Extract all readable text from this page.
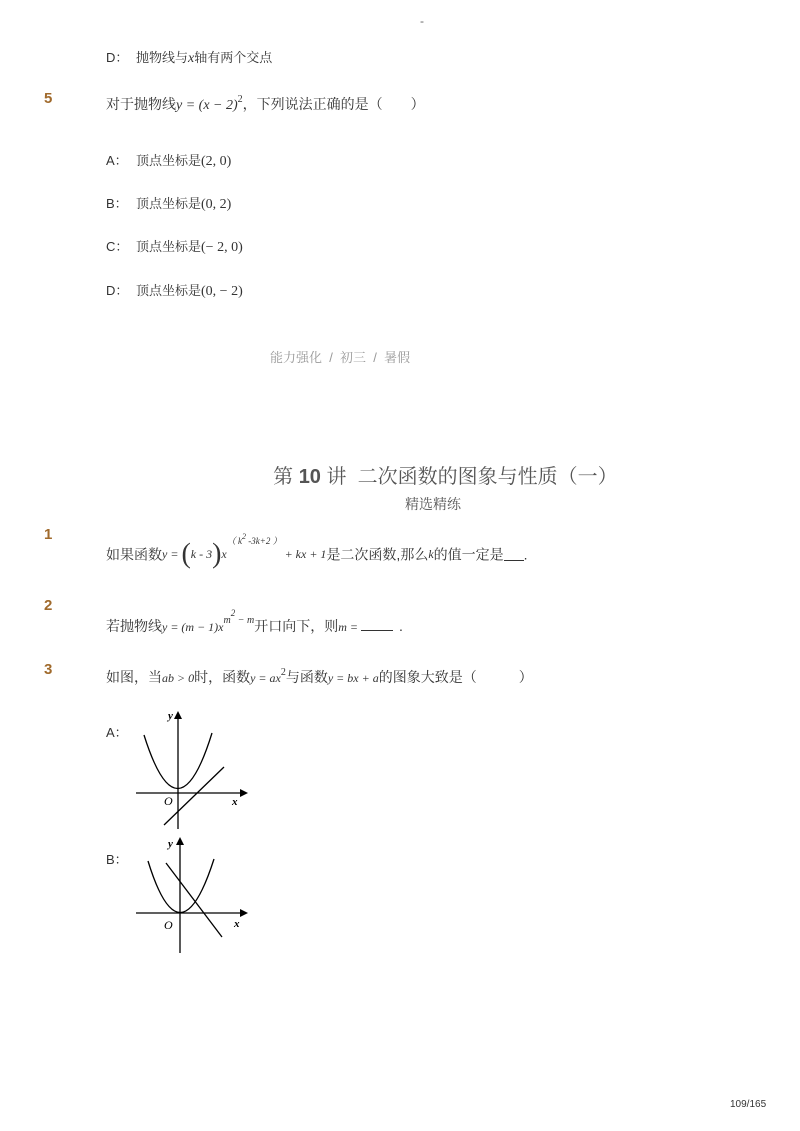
-
D： 抛物线与x轴有两个交点
5	对于抛物线$y = (x - 2)^2$，下列说法正确的是（　　）
A： 顶点坐标是(2, 0)
B： 顶点坐标是(0, 2)
C： 顶点坐标是(− 2, 0)
D： 顶点坐标是(0, − 2)
能力强化  /  初三  /  暑假

第 10 讲  二次函数的图象与性质（一）

精选精练
1
如果函数$y = (k - 3)x^{( k2 -3k+2 )}$ + kx + 1是二次函数,那么k的值一定是 .
2
若抛物线$y = (m - 1)x^{m2 - m}$开口向下，则m =	.
3	如图，当ab > 0时，函数$y = ax^2$与函数y = bx + a的图象大致是（　　　）
A：
y
x
O
B：
y
x
O
109/165
